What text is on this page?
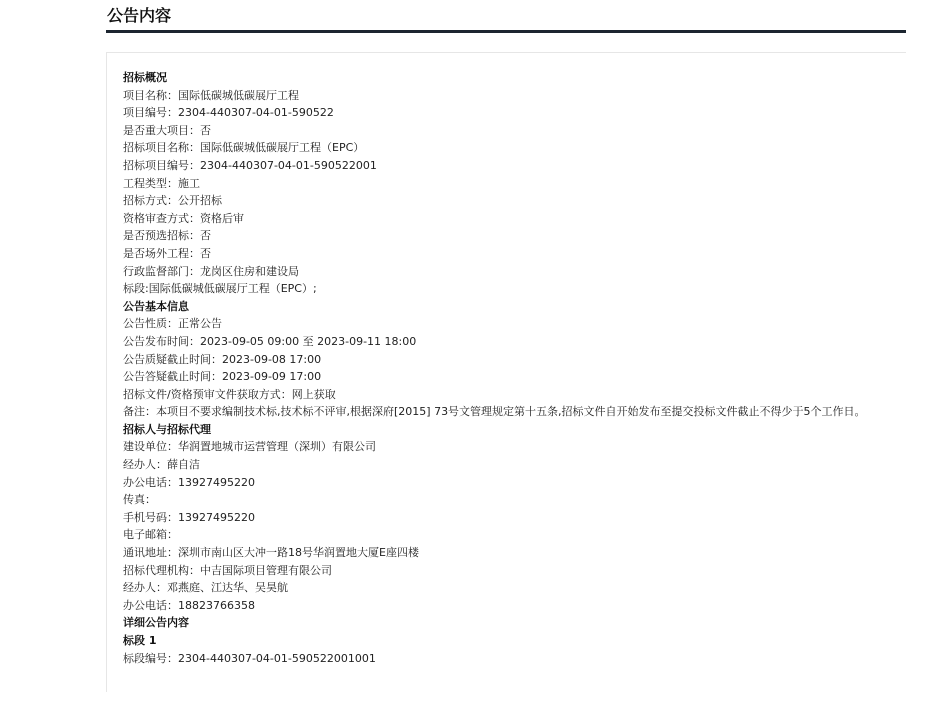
公告内容
招标概况
项目名称：国际低碳城低碳展厅工程
项目编号：2304-440307-04-01-590522
是否重大项目：否
招标项目名称：国际低碳城低碳展厅工程（EPC）
招标项目编号：2304-440307-04-01-590522001
工程类型：施工
招标方式：公开招标
资格审查方式：资格后审
是否预选招标：否
是否场外工程：否
行政监督部门：龙岗区住房和建设局
标段:国际低碳城低碳展厅工程（EPC）;
公告基本信息
公告性质：正常公告
公告发布时间：2023-09-05 09:00 至 2023-09-11 18:00
公告质疑截止时间：2023-09-08 17:00
公告答疑截止时间：2023-09-09 17:00
招标文件/资格预审文件获取方式：网上获取
备注：本项目不要求编制技术标,技术标不评审,根据深府[2015] 73号文管理规定第十五条,招标文件自开始发布至提交投标文件截止不得少于5个工作日。
招标人与招标代理
建设单位：华润置地城市运营管理（深圳）有限公司
经办人：薛自洁
办公电话：13927495220
传真：
手机号码：13927495220
电子邮箱：
通讯地址：深圳市南山区大冲一路18号华润置地大厦E座四楼
招标代理机构：中吉国际项目管理有限公司
经办人：邓燕庭、江达华、吴昊航
办公电话：18823766358
详细公告内容
标段 1
标段编号：2304-440307-04-01-590522001001
